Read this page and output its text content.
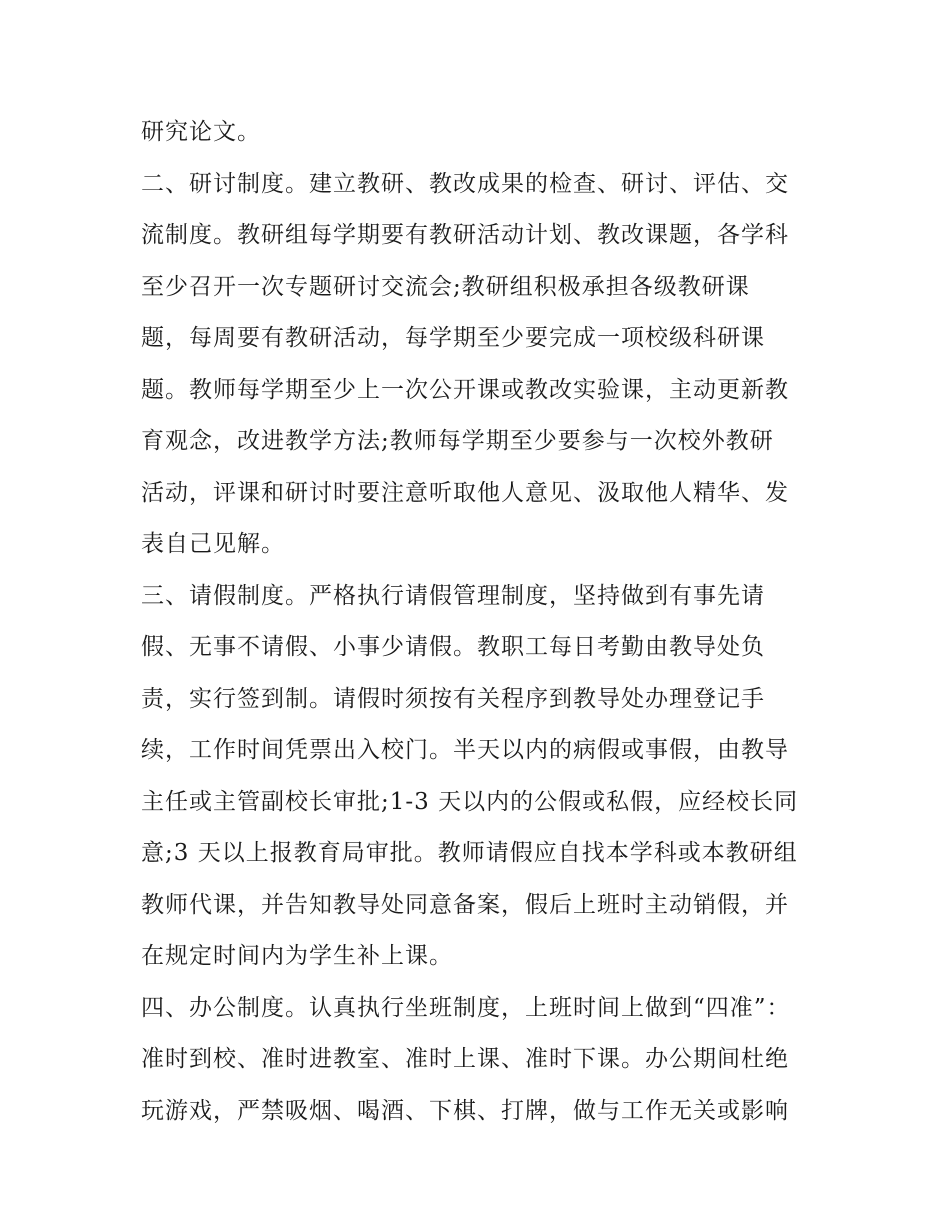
研究论文。
二、研讨制度。建立教研、教改成果的检查、研讨、评估、交
流制度。教研组每学期要有教研活动计划、教改课题，各学科
至少召开一次专题研讨交流会;教研组积极承担各级教研课
题，每周要有教研活动，每学期至少要完成一项校级科研课
题。教师每学期至少上一次公开课或教改实验课，主动更新教
育观念，改进教学方法;教师每学期至少要参与一次校外教研
活动，评课和研讨时要注意听取他人意见、汲取他人精华、发
表自己见解。
三、请假制度。严格执行请假管理制度，坚持做到有事先请
假、无事不请假、小事少请假。教职工每日考勤由教导处负
责，实行签到制。请假时须按有关程序到教导处办理登记手
续，工作时间凭票出入校门。半天以内的病假或事假，由教导
主任或主管副校长审批;1-3 天以内的公假或私假，应经校长同
意;3 天以上报教育局审批。教师请假应自找本学科或本教研组
教师代课，并告知教导处同意备案，假后上班时主动销假，并
在规定时间内为学生补上课。
四、办公制度。认真执行坐班制度，上班时间上做到“四准”：
准时到校、准时进教室、准时上课、准时下课。办公期间杜绝
玩游戏，严禁吸烟、喝酒、下棋、打牌，做与工作无关或影响
